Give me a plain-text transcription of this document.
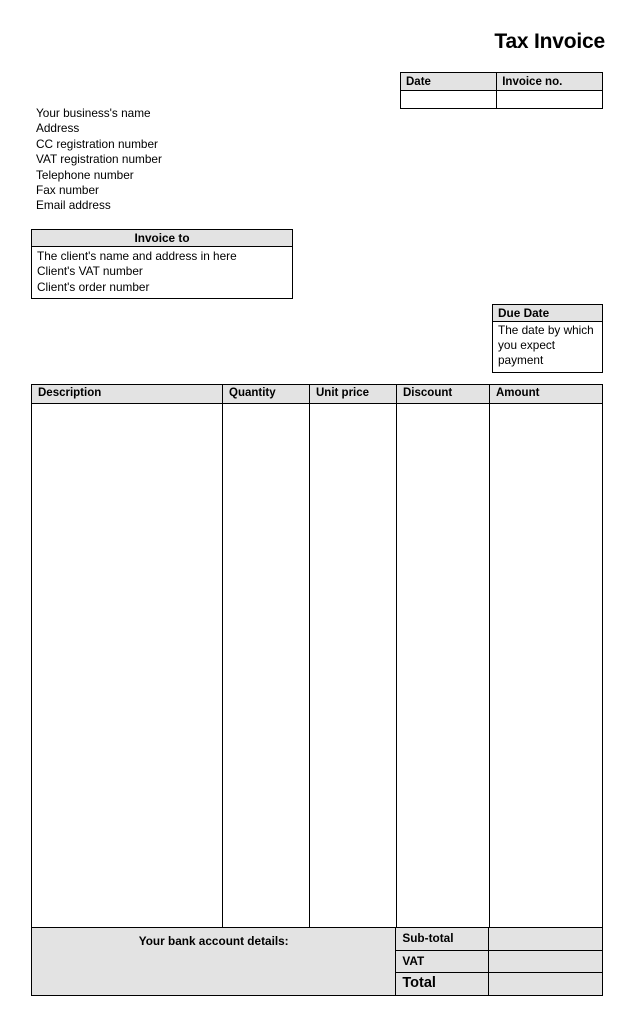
Tax Invoice
Date	Invoice no.

Your business's name
Address
CC registration number
VAT registration number
Telephone number
Fax number
Email address
Invoice to
The client's name and address in here
Client's VAT number
Client's order number
Due Date
The date by which you expect payment
Description	Quantity	Unit price	Discount	Amount
Your bank account details:	Sub-total
VAT
Total
